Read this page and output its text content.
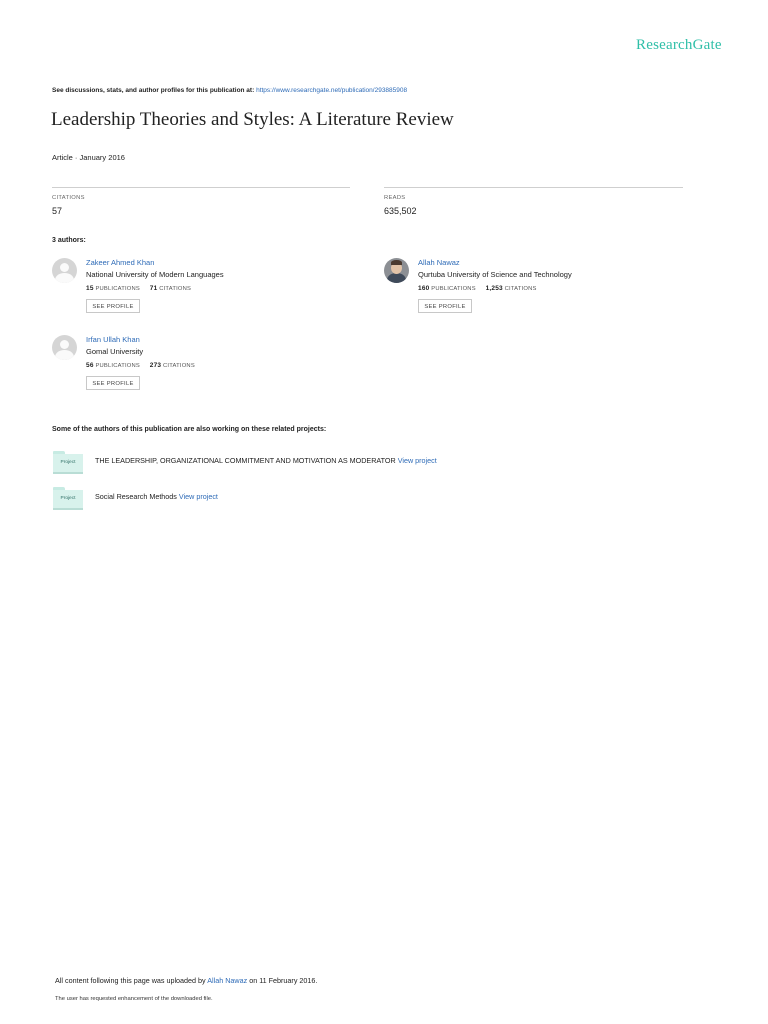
ResearchGate
See discussions, stats, and author profiles for this publication at: https://www.researchgate.net/publication/293885908
Leadership Theories and Styles: A Literature Review
Article · January 2016
CITATIONS
57
READS
635,502
3 authors:
Zakeer Ahmed Khan
National University of Modern Languages
15 PUBLICATIONS 71 CITATIONS
SEE PROFILE
Allah Nawaz
Qurtuba University of Science and Technology
160 PUBLICATIONS 1,253 CITATIONS
SEE PROFILE
Irfan Ullah Khan
Gomal University
56 PUBLICATIONS 273 CITATIONS
SEE PROFILE
Some of the authors of this publication are also working on these related projects:
Project	THE LEADERSHIP, ORGANIZATIONAL COMMITMENT AND MOTIVATION AS MODERATOR View project
Project	Social Research Methods View project
All content following this page was uploaded by Allah Nawaz on 11 February 2016.
The user has requested enhancement of the downloaded file.
